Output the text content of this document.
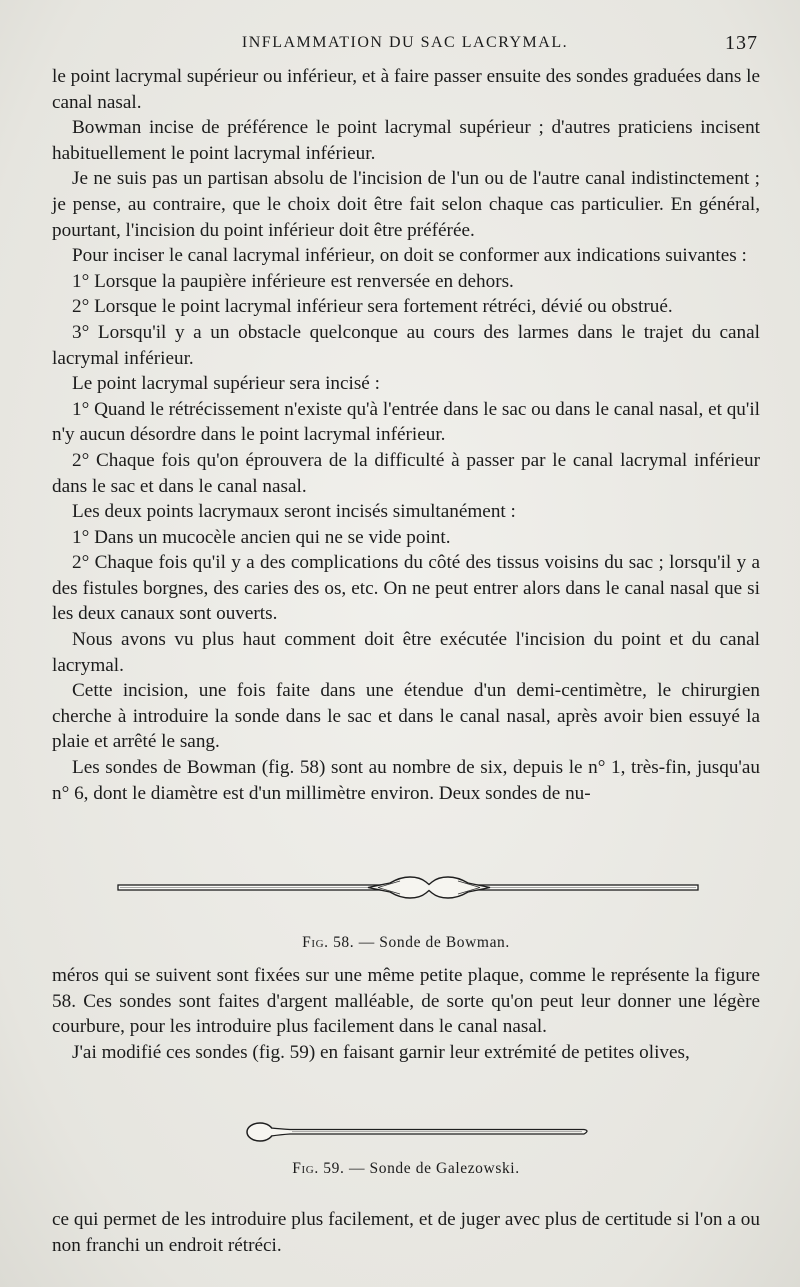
INFLAMMATION DU SAC LACRYMAL.	137

le point lacrymal supérieur ou inférieur, et à faire passer ensuite des sondes graduées dans le canal nasal.

Bowman incise de préférence le point lacrymal supérieur ; d'autres praticiens incisent habituellement le point lacrymal inférieur.

Je ne suis pas un partisan absolu de l'incision de l'un ou de l'autre canal indistinctement ; je pense, au contraire, que le choix doit être fait selon chaque cas particulier. En général, pourtant, l'incision du point inférieur doit être préférée.

Pour inciser le canal lacrymal inférieur, on doit se conformer aux indications suivantes :

1° Lorsque la paupière inférieure est renversée en dehors.

2° Lorsque le point lacrymal inférieur sera fortement rétréci, dévié ou obstrué.

3° Lorsqu'il y a un obstacle quelconque au cours des larmes dans le trajet du canal lacrymal inférieur.

Le point lacrymal supérieur sera incisé :

1° Quand le rétrécissement n'existe qu'à l'entrée dans le sac ou dans le canal nasal, et qu'il n'y aucun désordre dans le point lacrymal inférieur.

2° Chaque fois qu'on éprouvera de la difficulté à passer par le canal lacrymal inférieur dans le sac et dans le canal nasal.

Les deux points lacrymaux seront incisés simultanément :

1° Dans un mucocèle ancien qui ne se vide point.

2° Chaque fois qu'il y a des complications du côté des tissus voisins du sac ; lorsqu'il y a des fistules borgnes, des caries des os, etc. On ne peut entrer alors dans le canal nasal que si les deux canaux sont ouverts.

Nous avons vu plus haut comment doit être exécutée l'incision du point et du canal lacrymal.

Cette incision, une fois faite dans une étendue d'un demi-centimètre, le chirurgien cherche à introduire la sonde dans le sac et dans le canal nasal, après avoir bien essuyé la plaie et arrêté le sang.

Les sondes de Bowman (fig. 58) sont au nombre de six, depuis le n° 1, très-fin, jusqu'au n° 6, dont le diamètre est d'un millimètre environ. Deux sondes de nu-

Fig. 58. — Sonde de Bowman.

méros qui se suivent sont fixées sur une même petite plaque, comme le représente la figure 58. Ces sondes sont faites d'argent malléable, de sorte qu'on peut leur donner une légère courbure, pour les introduire plus facilement dans le canal nasal.

J'ai modifié ces sondes (fig. 59) en faisant garnir leur extrémité de petites olives,

Fig. 59. — Sonde de Galezowski.

ce qui permet de les introduire plus facilement, et de juger avec plus de certitude si l'on a ou non franchi un endroit rétréci.
